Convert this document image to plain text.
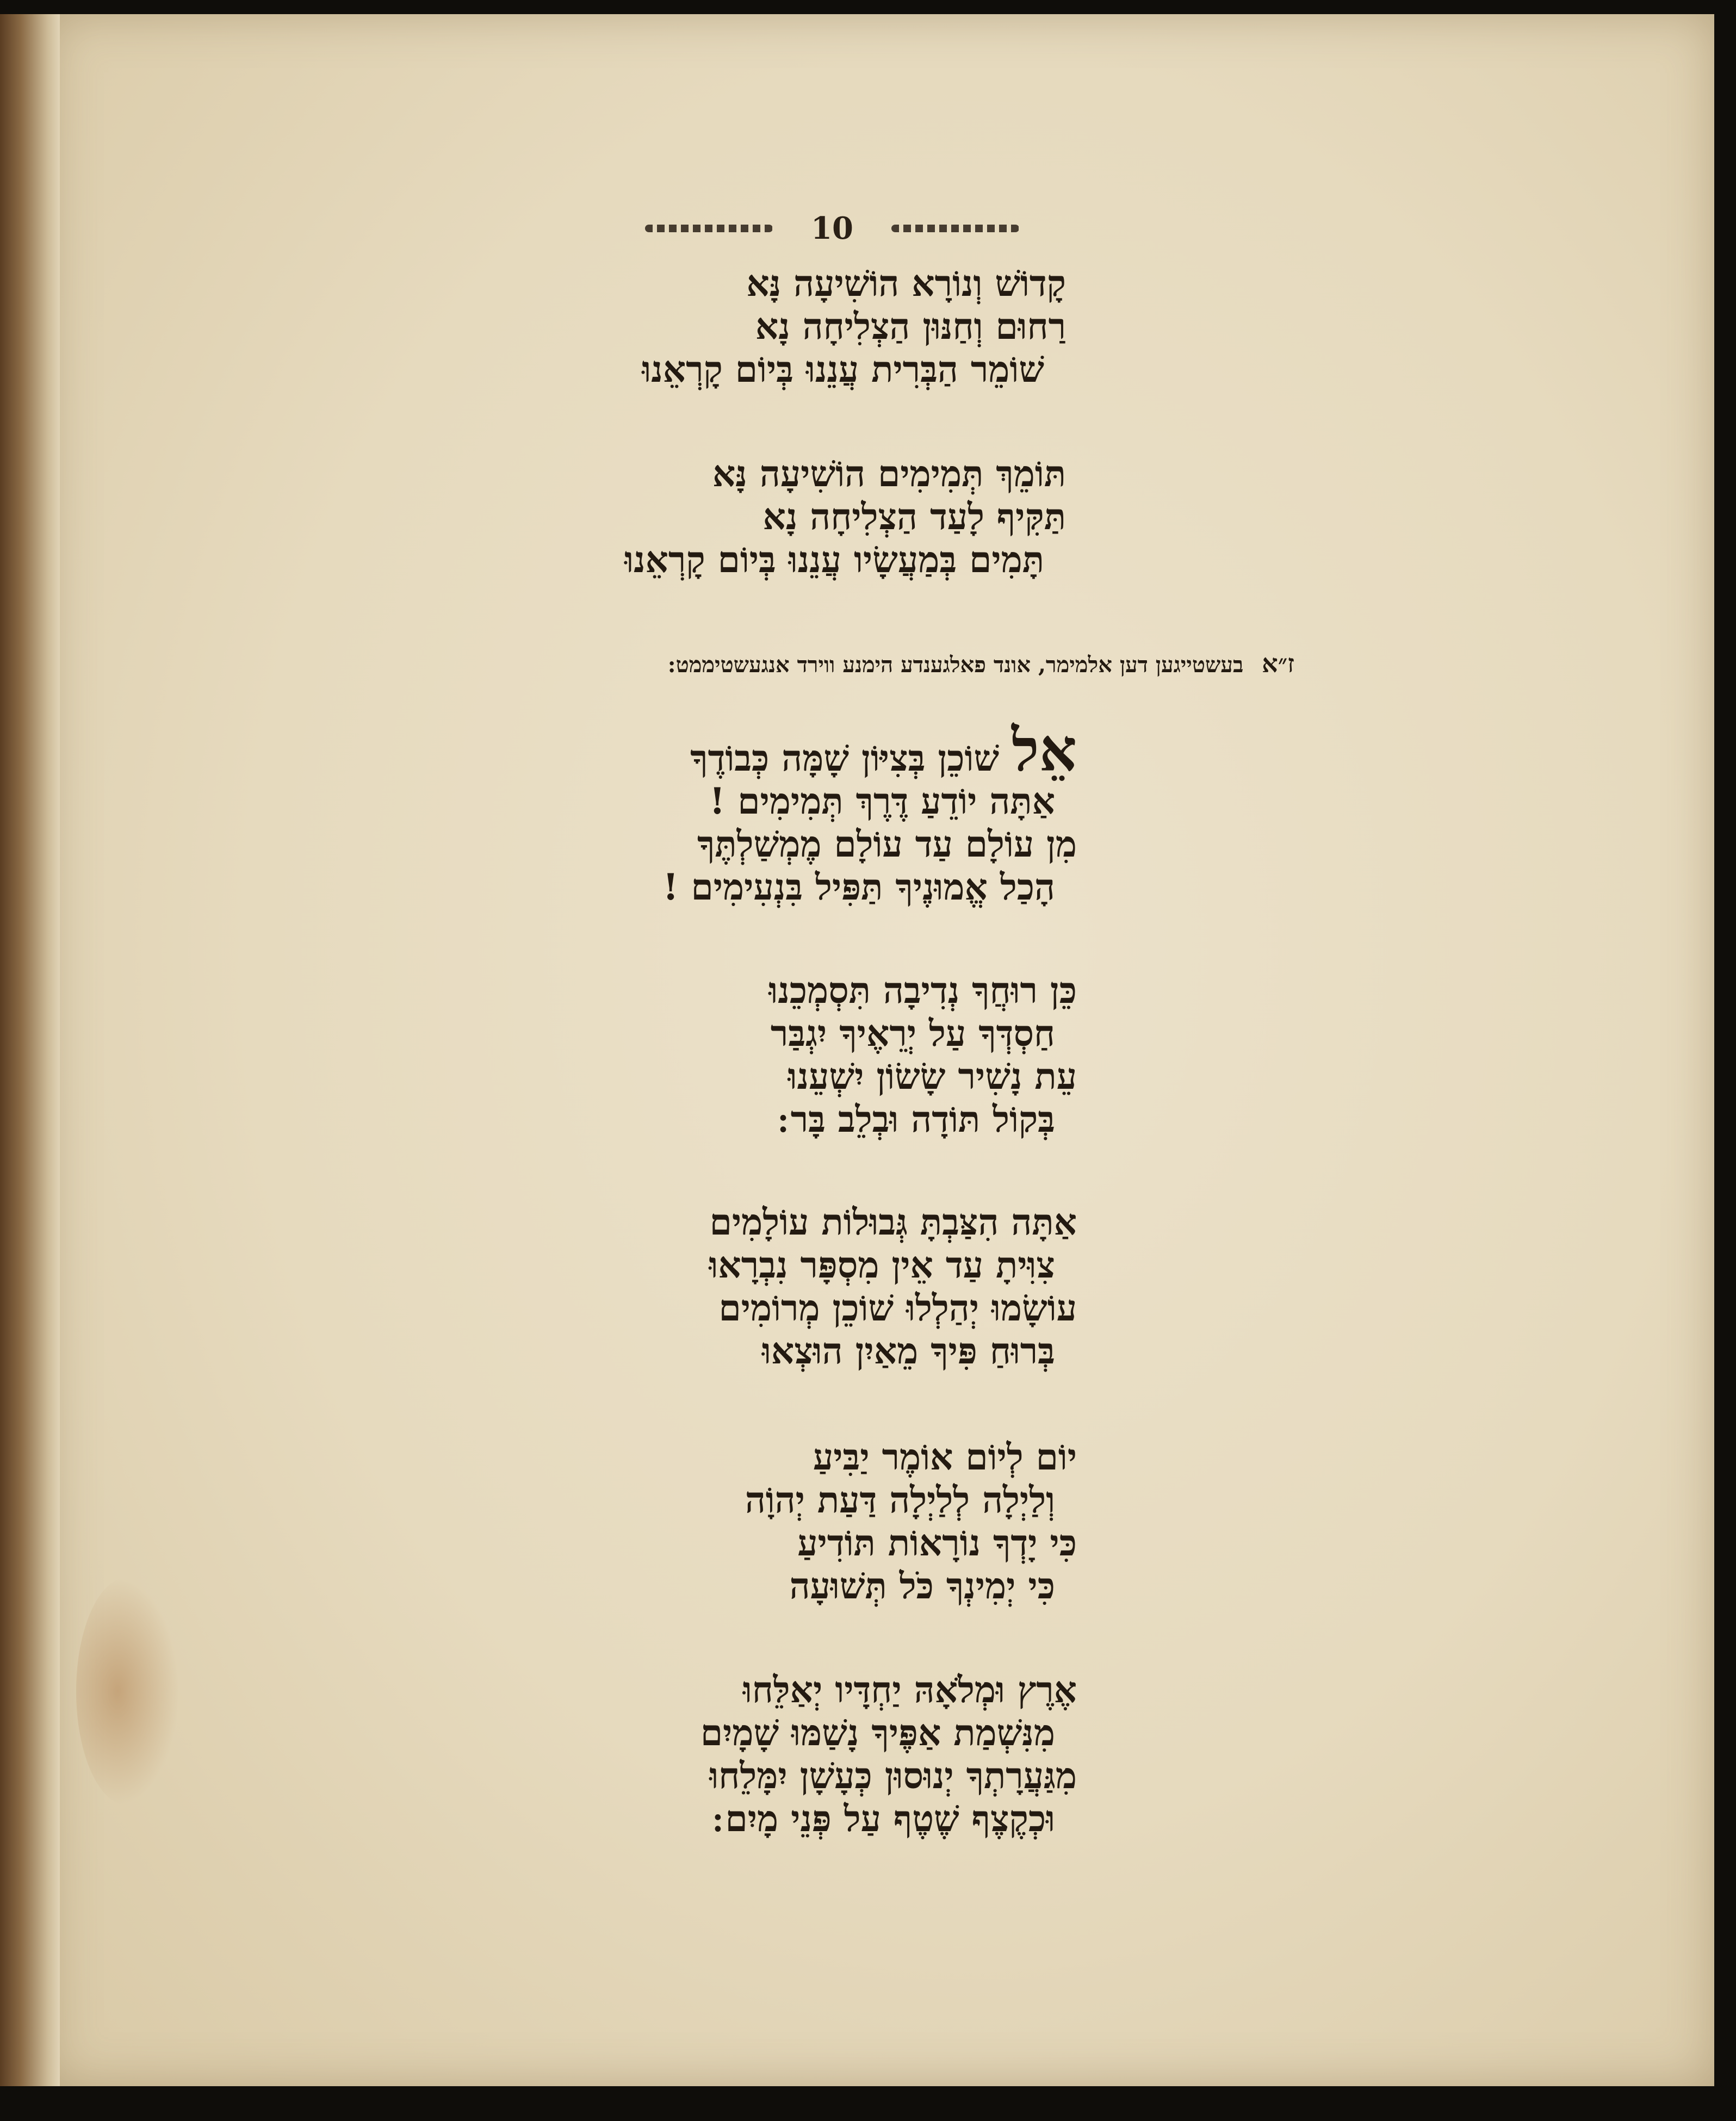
10
קָדוֹשׁ וְנוֹרָא הוֹשִׁיעָה נָּא
רַחוּם וְחַנּוּן הַצְלִיחָה נָא
שׁוֹמֵר הַבְּרִית עֲנֵנוּ בְּיוֹם קָרְאֵנוּ
תּוֹמֵךְ תְּמִימִים הוֹשִׁיעָה נָּא
תַּקִּיף לָעַד הַצְלִיחָה נָא
תָּמִים בְּמַעֲשָׂיו עֲנֵנוּ בְּיוֹם קָרְאֵנוּ
ז״א בעשטייגען דען אלמימר, אונד פאלגענדע הימנע ווירד אנגעשטיממט:
אֵל שׁוֹכֵן בְּצִיּוֹן שָׁמָּה כְּבוֹדֶךָ
אַתָּה יוֹדֵעַ דֶּרֶךְ תְּמִימִים !
מִן עוֹלָם עַד עוֹלָם מֶמְשַׁלְתֶּךָ
הָכַל אֱמוּנֶיךָ תַּפִּיל בִּנְעִימִים !
כֵּן רוּחֲךָ נְדִיבָה תִּסְמְכֵנוּ
חַסְדְּךָ עַל יְרֵאֶיךָ יִגְבַּר
עֵת נָשִׁיר שָׂשׂוֹן יִשְׁעֵנוּ
בְּקוֹל תּוֹדָה וּבְלֵב בָּר ׃
אַתָּה הִצַּבְתָּ גְּבוּלוֹת עוֹלָמִים
צִוִּיתָ עַד אֵין מִסְפָּר נִבְרָאוּ
עוֹשָׂמוּ יְהַלְלוּ שׁוֹכֵן מְרוֹמִים
בְּרוּחַ פִּיךָ מֵאַיִן הוּצְאוּ
יוֹם לְיוֹם אוֹמֶר יַבִּיעַ
וְלַיְלָה לְלַיְלָה דַּעַת יְהוָֹה
כִּי יָדְךָ נוֹרָאוֹת תּוֹדִיעַ
כִּי יְמִינְךָ כֹּל תְּשׁוּעָה
אֶרֶץ וּמְלֹאָהּ יַחְדָּיו יְאַלֵּחוּ
מִנִּשְׁמַת אַפֶּיךָ נָשַׁמּוּ שָׁמָיִם
מִגַּעֲרָתְךָ יְנוּסוּן כְּעָשָׁן יִמָּלֵחוּ
וּכְקֶצֶף שֶׁטֶף עַל פְּנֵי מָיִם ׃
